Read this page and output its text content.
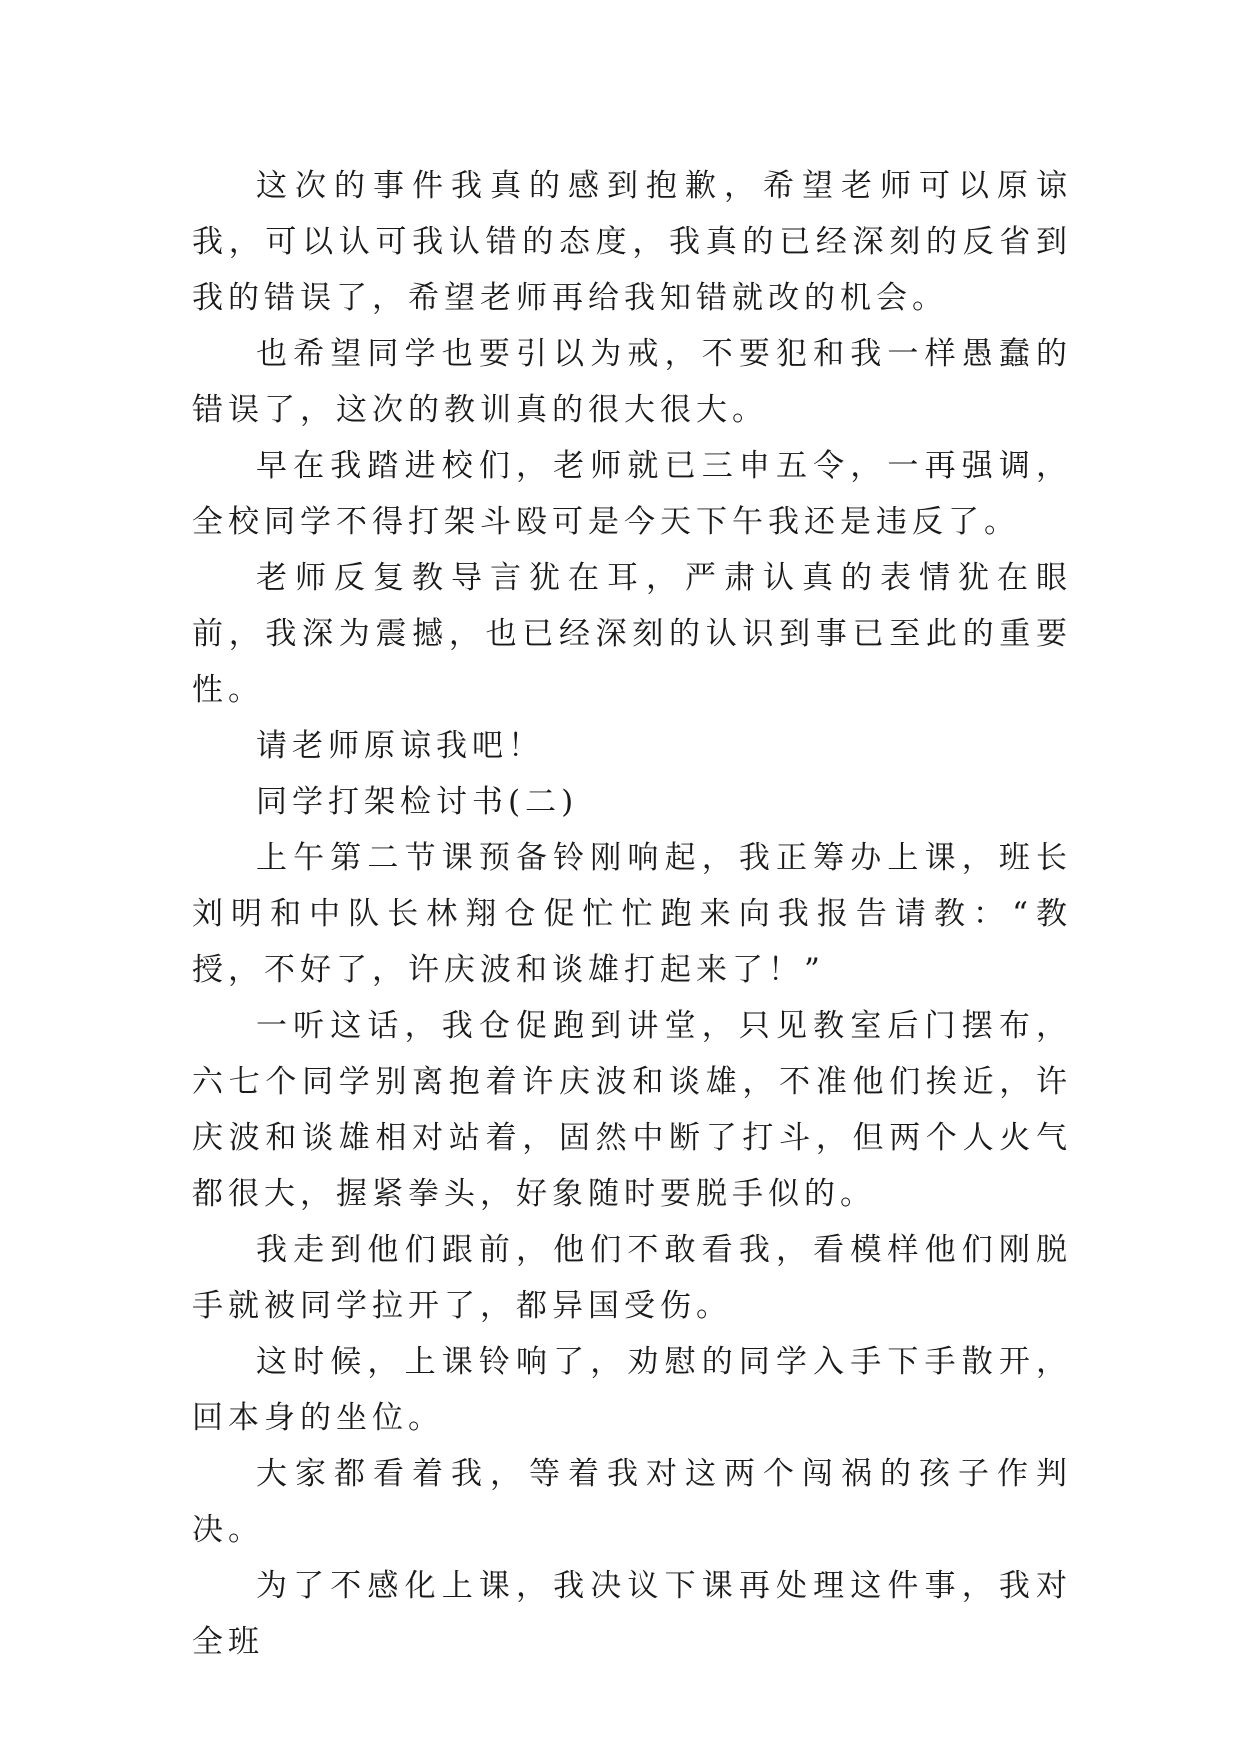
这次的事件我真的感到抱歉，希望老师可以原谅我，可以认可我认错的态度，我真的已经深刻的反省到我的错误了，希望老师再给我知错就改的机会。

也希望同学也要引以为戒，不要犯和我一样愚蠢的错误了，这次的教训真的很大很大。

早在我踏进校们，老师就已三申五令，一再强调，全校同学不得打架斗殴可是今天下午我还是违反了。

老师反复教导言犹在耳，严肃认真的表情犹在眼前，我深为震撼，也已经深刻的认识到事已至此的重要性。

请老师原谅我吧！

同学打架检讨书(二)

上午第二节课预备铃刚响起，我正筹办上课，班长刘明和中队长林翔仓促忙忙跑来向我报告请教：“教授，不好了，许庆波和谈雄打起来了！”

一听这话，我仓促跑到讲堂，只见教室后门摆布，六七个同学别离抱着许庆波和谈雄，不准他们挨近，许庆波和谈雄相对站着，固然中断了打斗，但两个人火气都很大，握紧拳头，好象随时要脱手似的。

我走到他们跟前，他们不敢看我，看模样他们刚脱手就被同学拉开了，都异国受伤。

这时候，上课铃响了，劝慰的同学入手下手散开，回本身的坐位。

大家都看着我，等着我对这两个闯祸的孩子作判决。

为了不感化上课，我决议下课再处理这件事，我对全班
